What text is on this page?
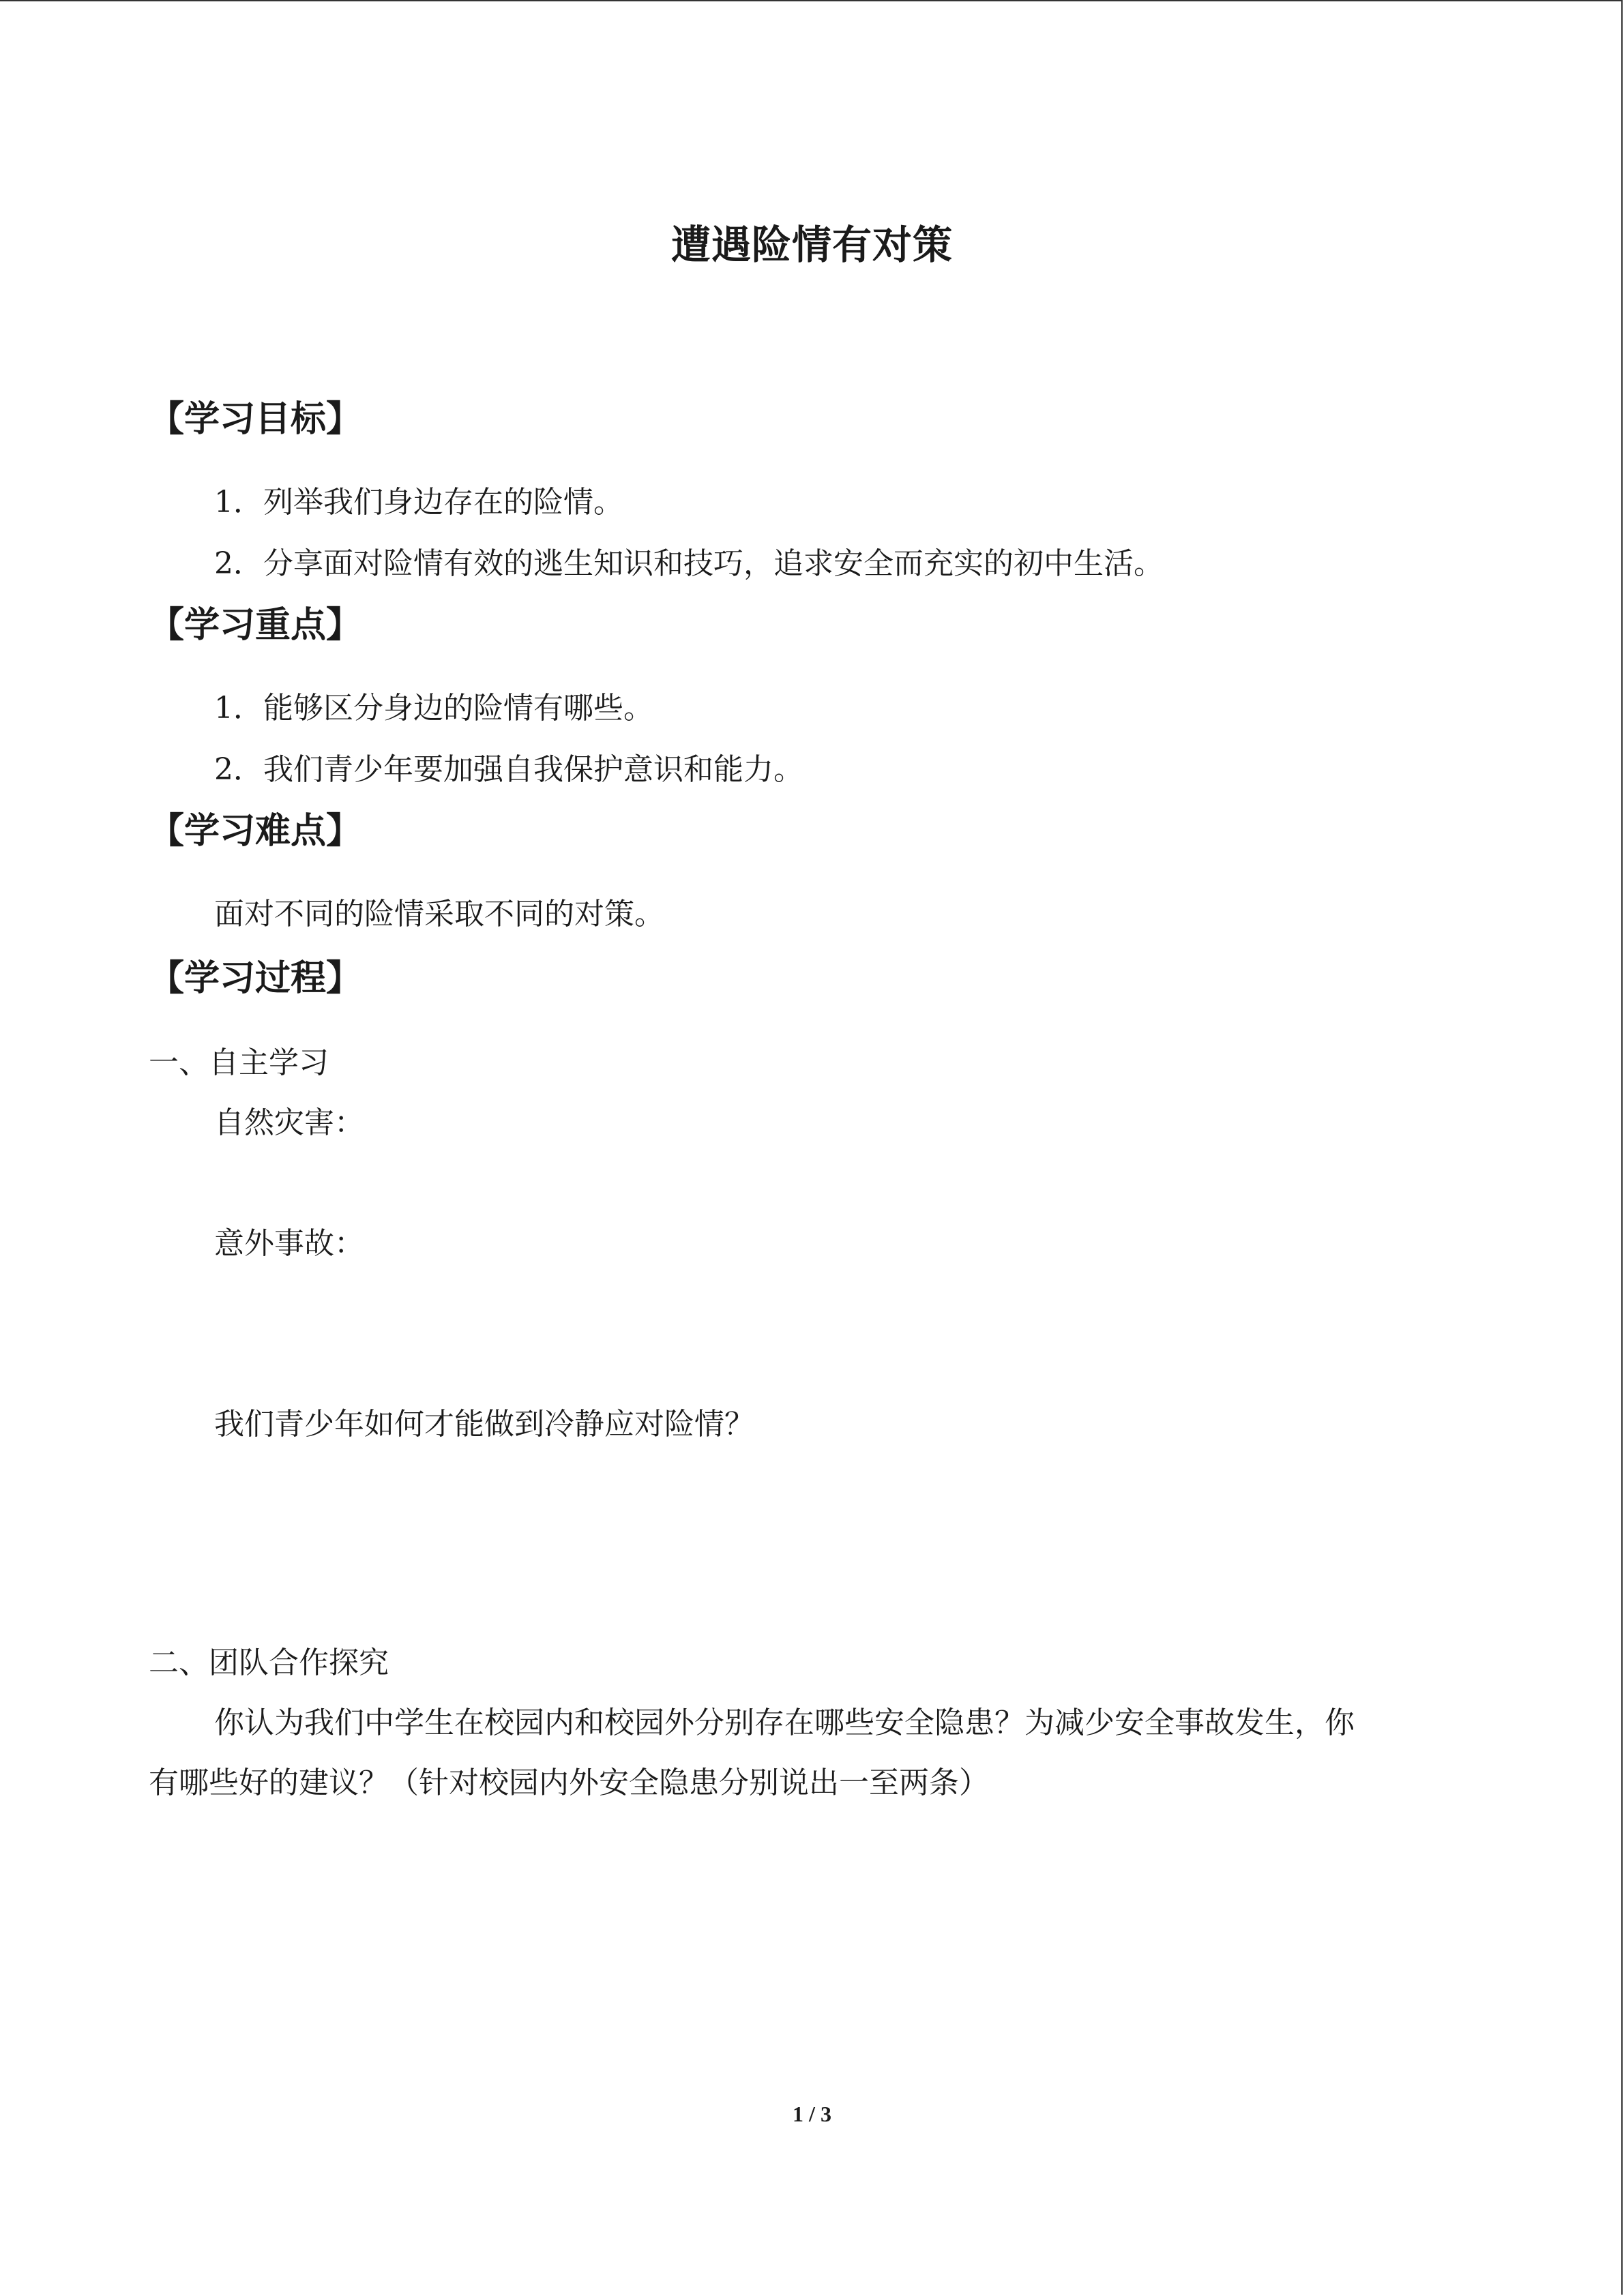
遭遇险情有对策
【学习目标】
1．列举我们身边存在的险情。
2．分享面对险情有效的逃生知识和技巧，追求安全而充实的初中生活。
【学习重点】
1．能够区分身边的险情有哪些。
2．我们青少年要加强自我保护意识和能力。
【学习难点】
面对不同的险情采取不同的对策。
【学习过程】
一、自主学习
自然灾害：
意外事故：
我们青少年如何才能做到冷静应对险情？
二、团队合作探究
你认为我们中学生在校园内和校园外分别存在哪些安全隐患？为减少安全事故发生，你
有哪些好的建议？（针对校园内外安全隐患分别说出一至两条）
1 / 3
